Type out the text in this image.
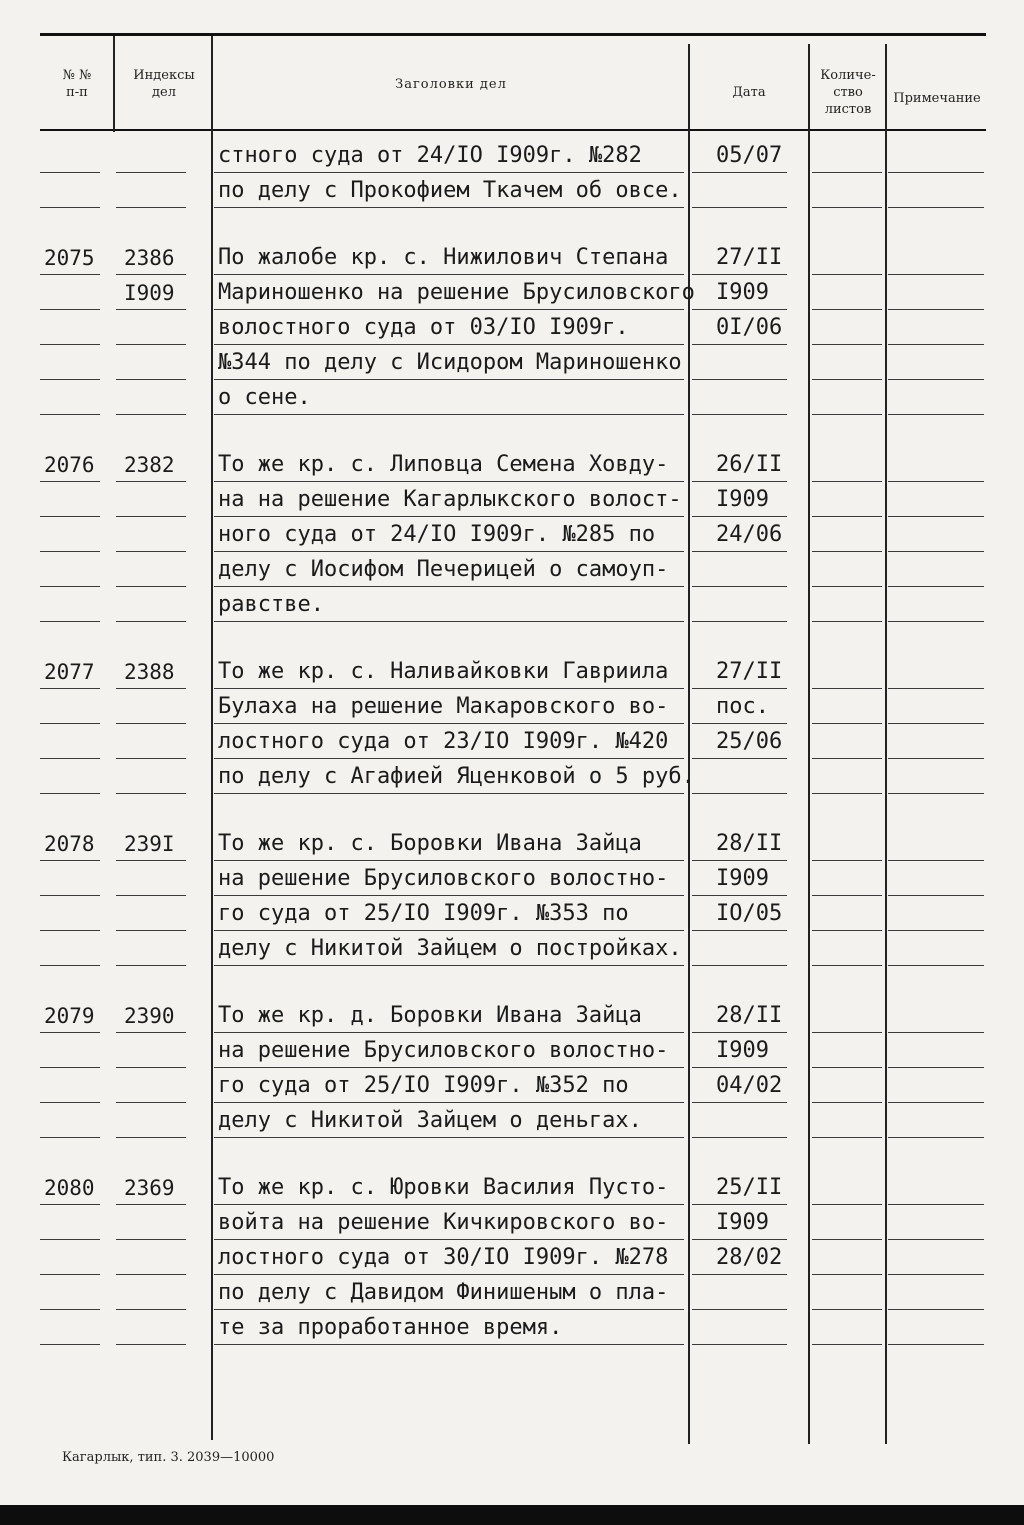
№ №
п-п
Индексы
дел
Заголовки дел
Дата
Количе-
ство
листов
Примечание
стного суда от 24/IO I909г. №282
по делу с Прокофием Ткачем об овсе.
05/07
2075 2386
I909
По жалобе кр. с. Нижилович Степана
Мариношенко на решение Брусиловского
волостного суда от 03/IO I909г.
№344 по делу с Исидором Мариношенко
о сене.
27/II
I909
0I/06
2076 2382 То же кр. с. Липовца Семена Ховду-
на на решение Кагарлыкского волост-
ного суда от 24/IO I909г. №285 по
делу с Иосифом Печерицей о самоуп-
равстве.
26/II
I909
24/06
2077 2388 То же кр. с. Наливайковки Гавриила
Булаха на решение Макаровского во-
лостного суда от 23/IO I909г. №420
по делу с Агафией Яценковой о 5 руб.
27/II
пос.
25/06
2078 239I То же кр. с. Боровки Ивана Зайца
на решение Брусиловского волостно-
го суда от 25/IO I909г. №353 по
делу с Никитой Зайцем о постройках.
28/II
I909
IO/05
2079 2390 То же кр. д. Боровки Ивана Зайца
на решение Брусиловского волостно-
го суда от 25/IO I909г. №352 по
делу с Никитой Зайцем о деньгах.
28/II
I909
04/02
2080 2369 То же кр. с. Юровки Василия Пусто-
войта на решение Кичкировского во-
лостного суда от 30/IO I909г. №278
по делу с Давидом Финишеным о пла-
те за проработанное время.
25/II
I909
28/02
Кагарлык, тип. 3. 2039—10000
